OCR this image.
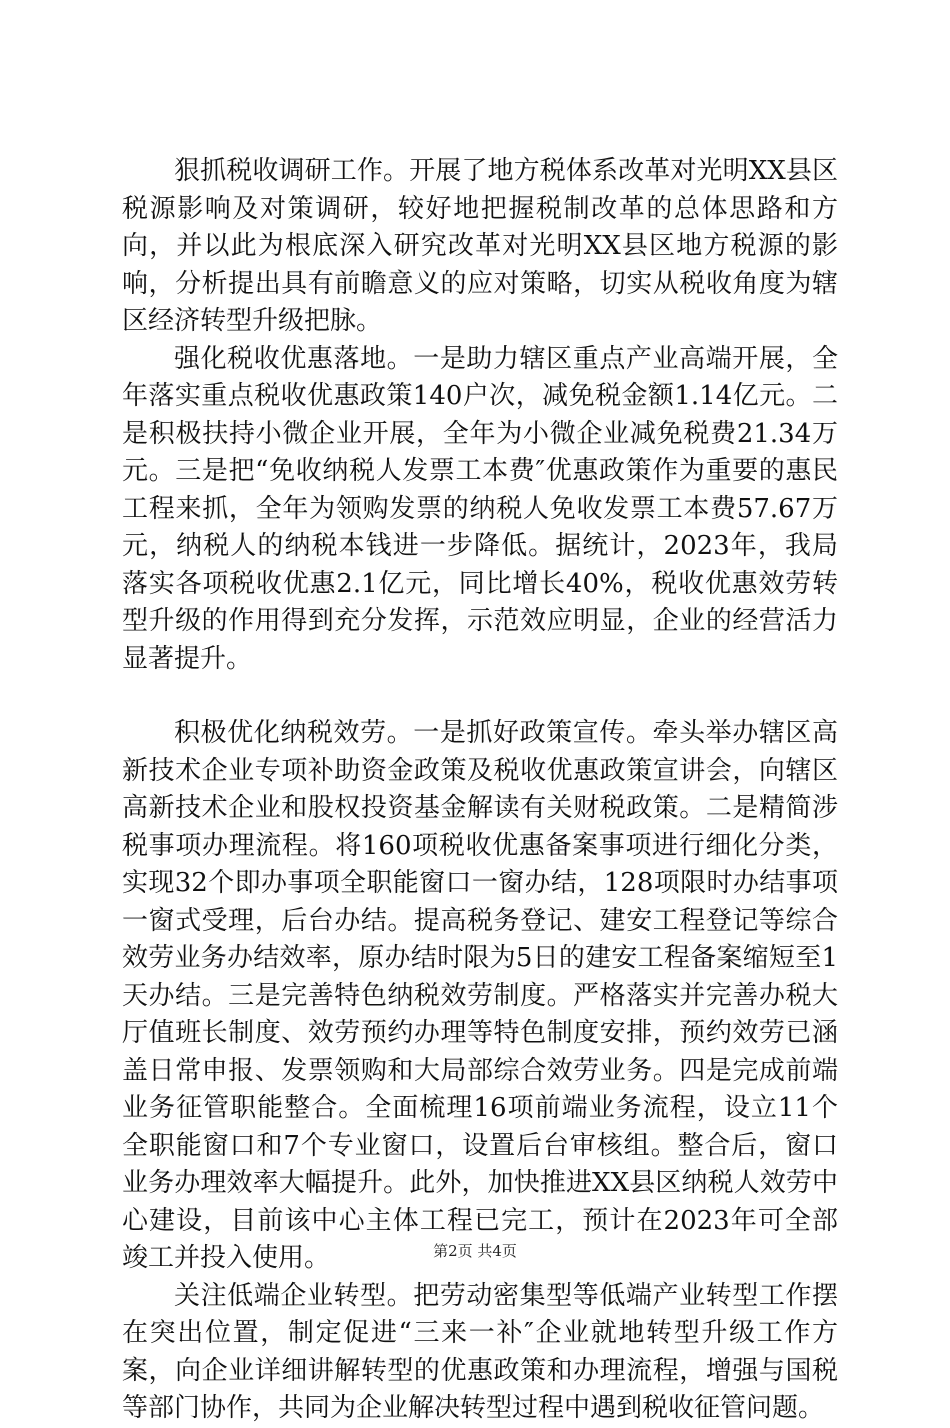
狠抓税收调研工作。开展了地方税体系改革对光明XX县区税源影响及对策调研，较好地把握税制改革的总体思路和方向，并以此为根底深入研究改革对光明XX县区地方税源的影响，分析提出具有前瞻意义的应对策略，切实从税收角度为辖区经济转型升级把脉。

强化税收优惠落地。一是助力辖区重点产业高端开展，全年落实重点税收优惠政策140户次，减免税金额1.14亿元。二是积极扶持小微企业开展，全年为小微企业减免税费21.34万元。三是把“免收纳税人发票工本费″优惠政策作为重要的惠民工程来抓，全年为领购发票的纳税人免收发票工本费57.67万元，纳税人的纳税本钱进一步降低。据统计，2023年，我局落实各项税收优惠2.1亿元，同比增长40%，税收优惠效劳转型升级的作用得到充分发挥，示范效应明显，企业的经营活力显著提升。

积极优化纳税效劳。一是抓好政策宣传。牵头举办辖区高新技术企业专项补助资金政策及税收优惠政策宣讲会，向辖区高新技术企业和股权投资基金解读有关财税政策。二是精简涉税事项办理流程。将160项税收优惠备案事项进行细化分类，实现32个即办事项全职能窗口一窗办结，128项限时办结事项一窗式受理，后台办结。提高税务登记、建安工程登记等综合效劳业务办结效率，原办结时限为5日的建安工程备案缩短至1天办结。三是完善特色纳税效劳制度。严格落实并完善办税大厅值班长制度、效劳预约办理等特色制度安排，预约效劳已涵盖日常申报、发票领购和大局部综合效劳业务。四是完成前端业务征管职能整合。全面梳理16项前端业务流程，设立11个全职能窗口和7个专业窗口，设置后台审核组。整合后，窗口业务办理效率大幅提升。此外，加快推进XX县区纳税人效劳中心建设，目前该中心主体工程已完工，预计在2023年可全部竣工并投入使用。

关注低端企业转型。把劳动密集型等低端产业转型工作摆在突出位置，制定促进“三来一补″企业就地转型升级工作方案，向企业详细讲解转型的优惠政策和办理流程，增强与国税等部门协作，共同为企业解决转型过程中遇到税收征管问题。

第2页 共4页
